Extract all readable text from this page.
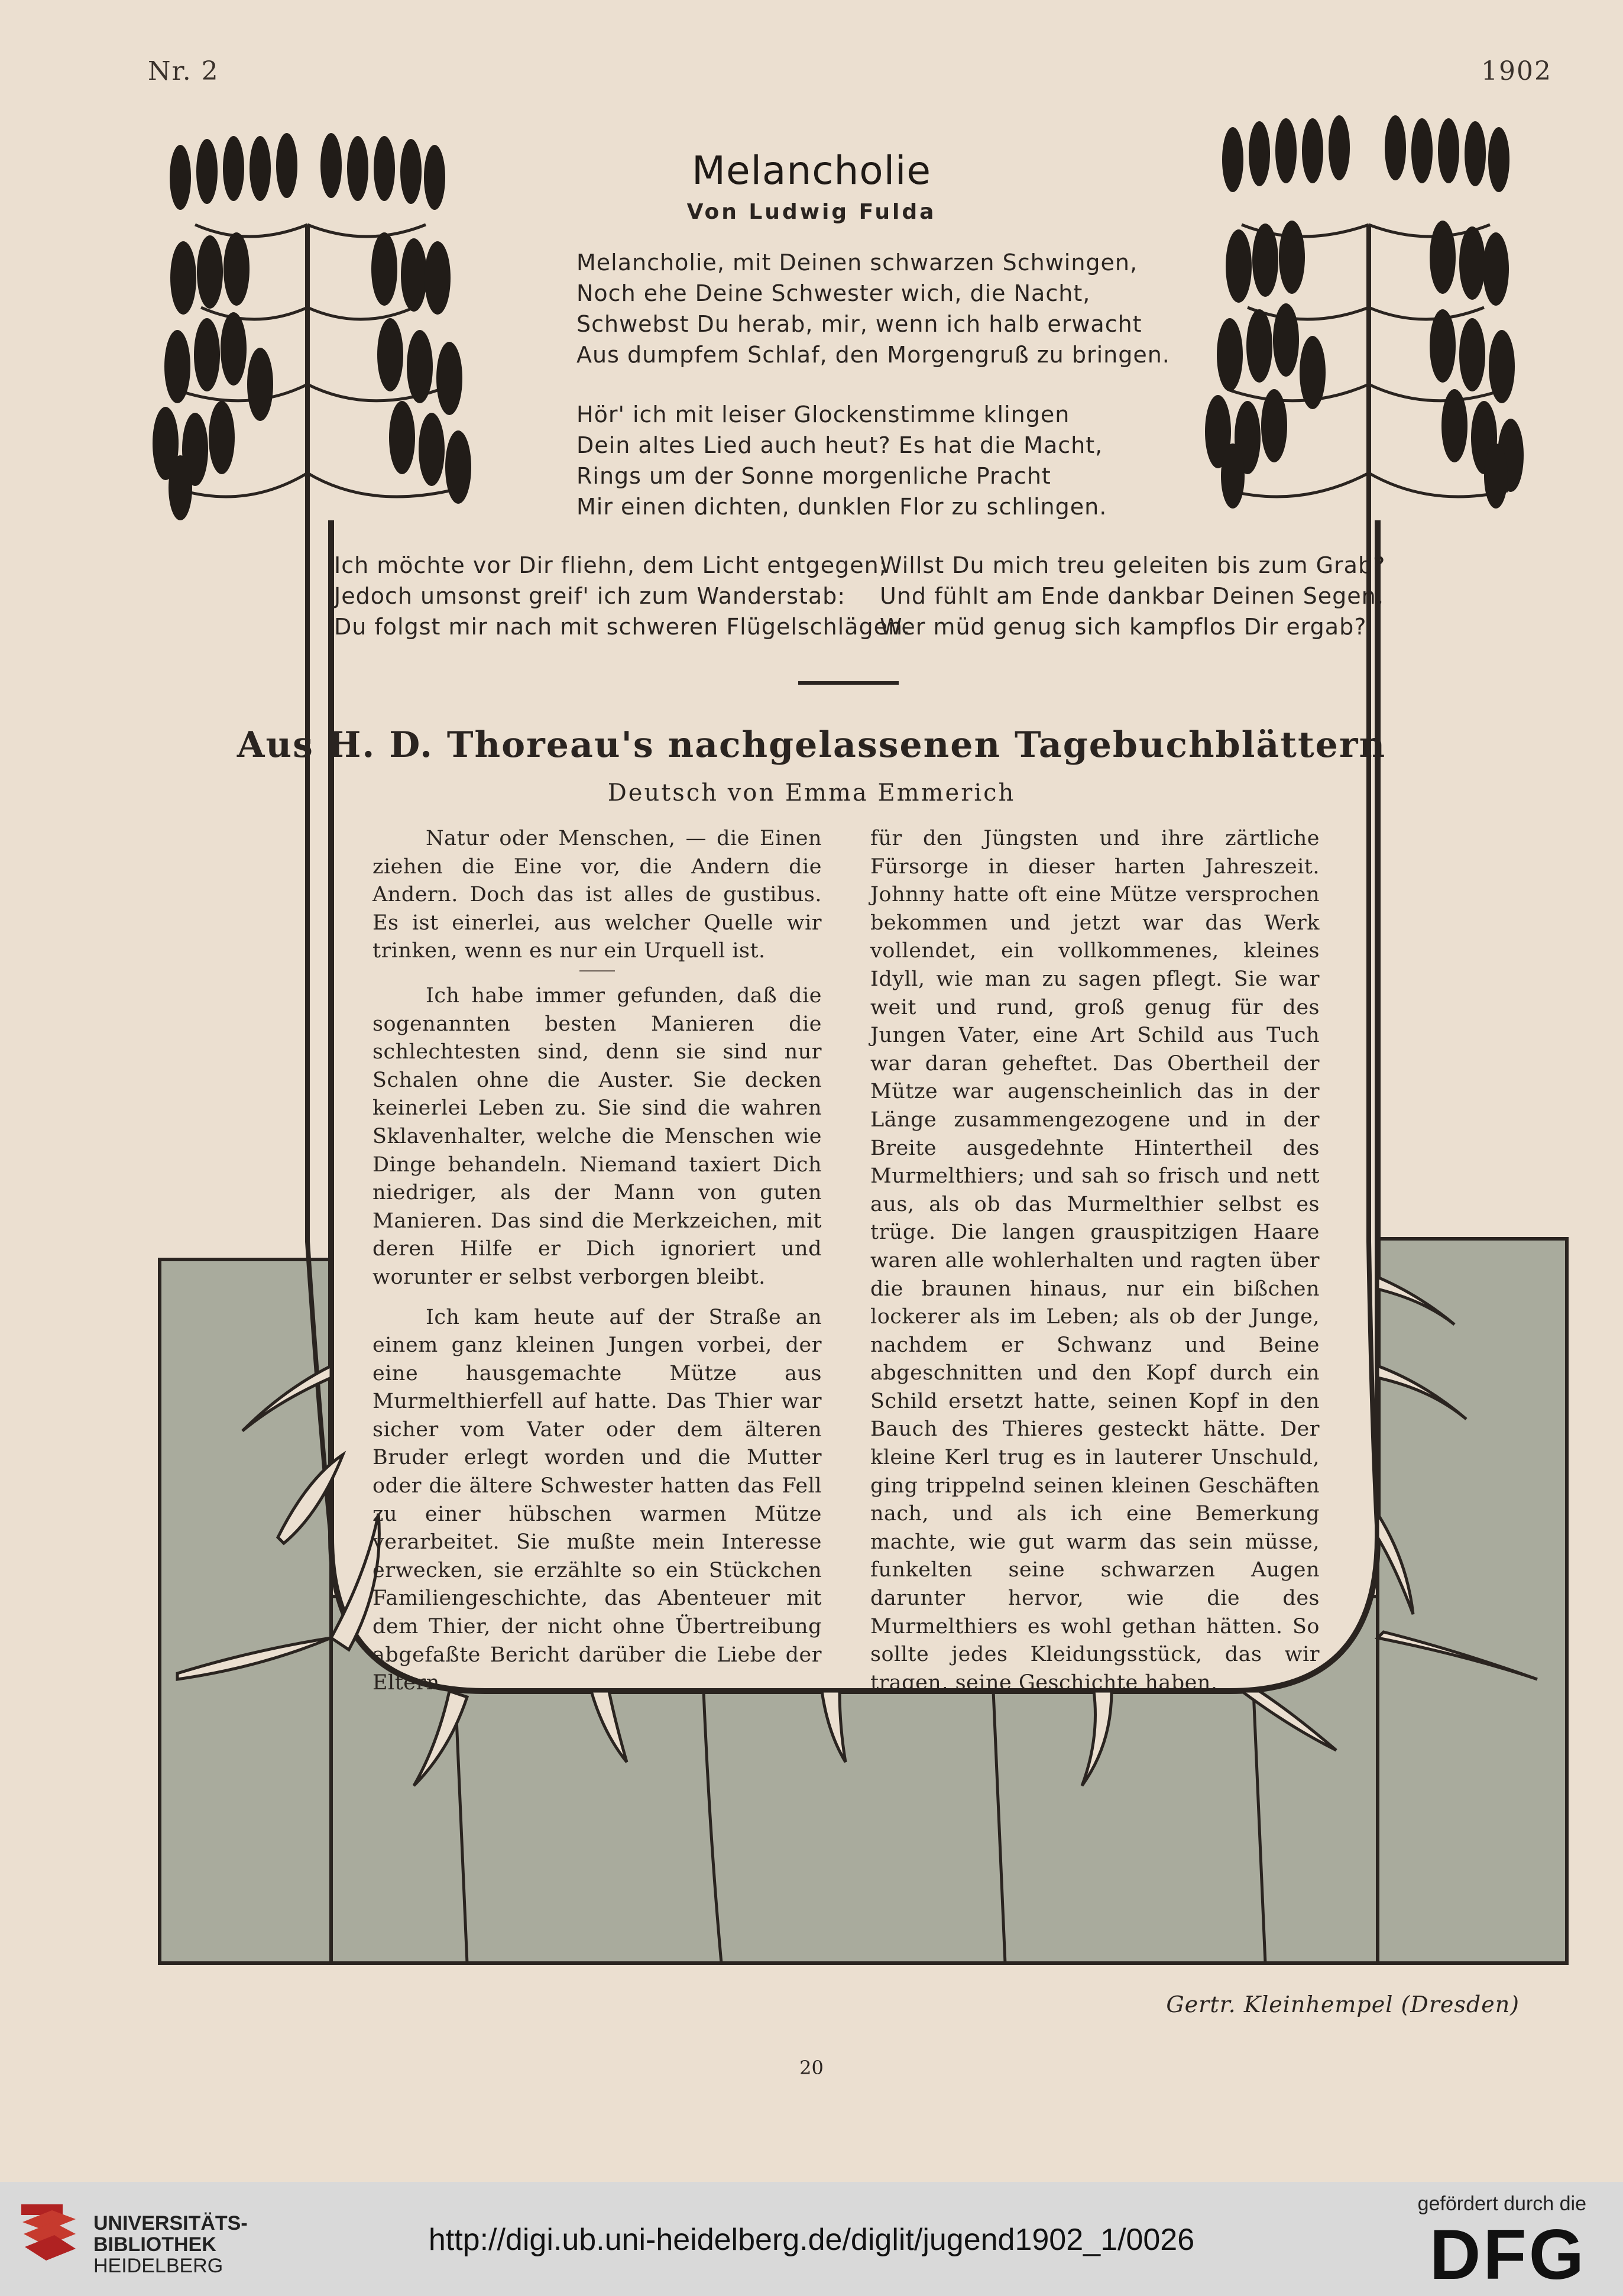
Nr. 2	1902
Melancholie
Von Ludwig Fulda
Melancholie, mit Deinen schwarzen Schwingen,
Noch ehe Deine Schwester wich, die Nacht,
Schwebst Du herab, mir, wenn ich halb erwacht
Aus dumpfem Schlaf, den Morgengruß zu bringen.
Hör' ich mit leiser Glockenstimme klingen
Dein altes Lied auch heut? Es hat die Macht,
Rings um der Sonne morgenliche Pracht
Mir einen dichten, dunklen Flor zu schlingen.
Ich möchte vor Dir fliehn, dem Licht entgegen;
Jedoch umsonst greif' ich zum Wanderstab:
Du folgst mir nach mit schweren Flügelschlägen.
Willst Du mich treu geleiten bis zum Grab?
Und fühlt am Ende dankbar Deinen Segen,
Wer müd genug sich kampflos Dir ergab?
Aus H. D. Thoreau's nachgelassenen Tagebuchblättern
Deutsch von Emma Emmerich

Natur oder Menschen, — die Einen ziehen die Eine vor, die Andern die Andern. Doch das ist alles de gustibus. Es ist einerlei, aus welcher Quelle wir trinken, wenn es nur ein Urquell ist.

Ich habe immer gefunden, daß die sogenannten besten Manieren die schlechtesten sind, denn sie sind nur Schalen ohne die Auster. Sie decken keinerlei Leben zu. Sie sind die wahren Sklavenhalter, welche die Menschen wie Dinge behandeln. Niemand taxiert Dich niedriger, als der Mann von guten Manieren. Das sind die Merkzeichen, mit deren Hilfe er Dich ignoriert und worunter er selbst verborgen bleibt.

Ich kam heute auf der Straße an einem ganz kleinen Jungen vorbei, der eine hausgemachte Mütze aus Murmelthierfell auf hatte. Das Thier war sicher vom Vater oder dem älteren Bruder erlegt worden und die Mutter oder die ältere Schwester hatten das Fell zu einer hübschen warmen Mütze verarbeitet. Sie mußte mein Interesse erwecken, sie erzählte so ein Stückchen Familiengeschichte, das Abenteuer mit dem Thier, der nicht ohne Übertreibung abgefaßte Bericht darüber die Liebe der Eltern

für den Jüngsten und ihre zärtliche Fürsorge in dieser harten Jahreszeit. Johnny hatte oft eine Mütze versprochen bekommen und jetzt war das Werk vollendet, ein vollkommenes, kleines Idyll, wie man zu sagen pflegt. Sie war weit und rund, groß genug für des Jungen Vater, eine Art Schild aus Tuch war daran geheftet. Das Obertheil der Mütze war augenscheinlich das in der Länge zusammengezogene und in der Breite ausgedehnte Hintertheil des Murmelthiers; und sah so frisch und nett aus, als ob das Murmelthier selbst es trüge. Die langen grauspitzigen Haare waren alle wohlerhalten und ragten über die braunen hinaus, nur ein bißchen lockerer als im Leben; als ob der Junge, nachdem er Schwanz und Beine abgeschnitten und den Kopf durch ein Schild ersetzt hatte, seinen Kopf in den Bauch des Thieres gesteckt hätte. Der kleine Kerl trug es in lauterer Unschuld, ging trippelnd seinen kleinen Geschäften nach, und als ich eine Bemerkung machte, wie gut warm das sein müsse, funkelten seine schwarzen Augen darunter hervor, wie die des Murmelthiers es wohl gethan hätten. So sollte jedes Kleidungsstück, das wir tragen, seine Geschichte haben.

Gertr. Kleinhempel (Dresden)
20
UNIVERSITÄTS-
BIBLIOTHEK
HEIDELBERG
http://digi.ub.uni-heidelberg.de/diglit/jugend1902_1/0026
gefördert durch die
DFG
